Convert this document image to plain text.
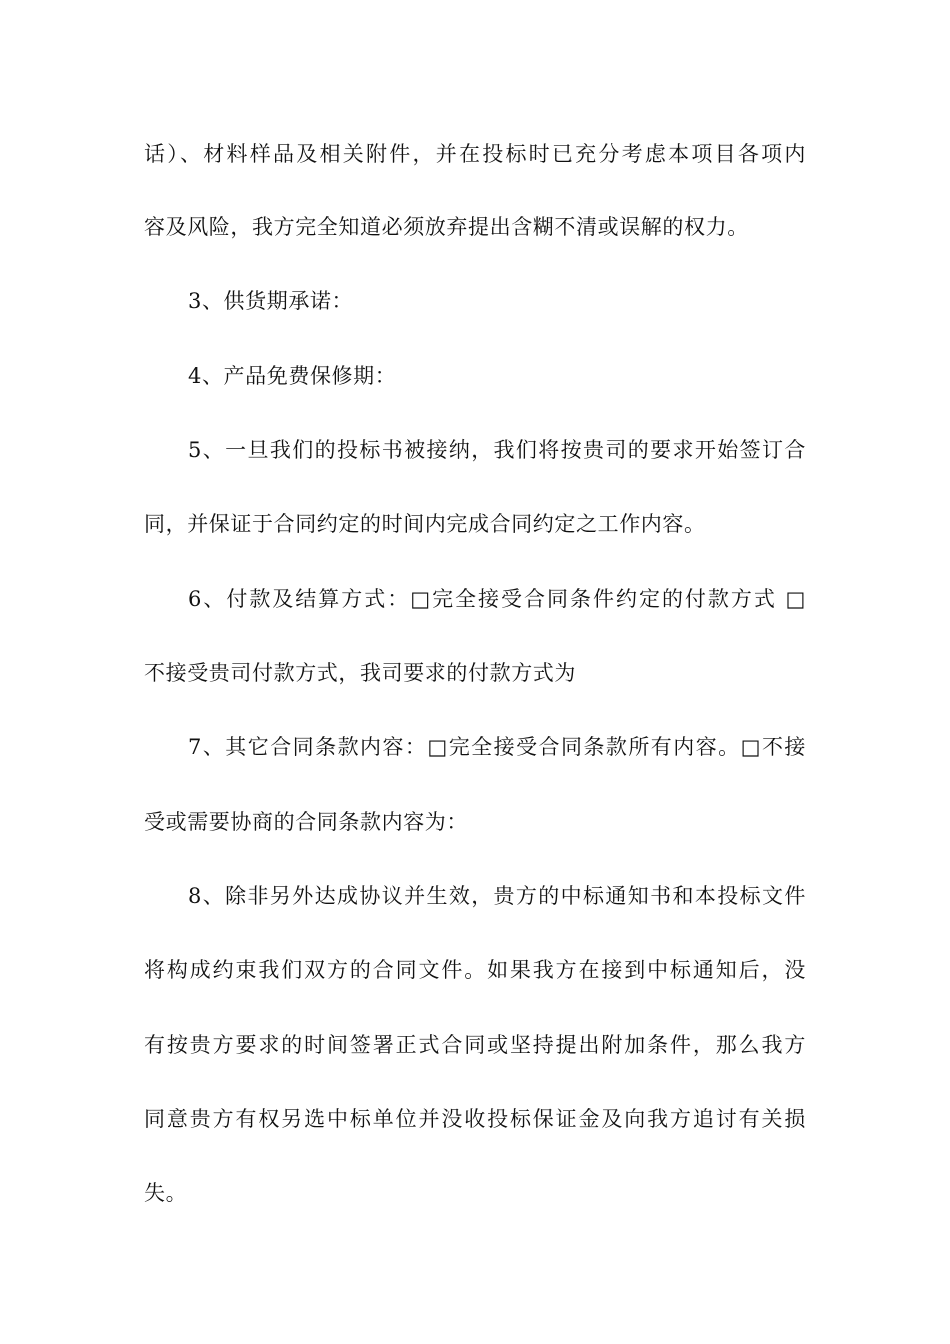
话）、材料样品及相关附件，并在投标时已充分考虑本项目各项内
容及风险，我方完全知道必须放弃提出含糊不清或误解的权力。
3、供货期承诺：
4、产品免费保修期：
5、一旦我们的投标书被接纳，我们将按贵司的要求开始签订合
同，并保证于合同约定的时间内完成合同约定之工作内容。
6、付款及结算方式：□完全接受合同条件约定的付款方式 □
不接受贵司付款方式，我司要求的付款方式为
7、其它合同条款内容：□完全接受合同条款所有内容。□不接
受或需要协商的合同条款内容为：
8、除非另外达成协议并生效，贵方的中标通知书和本投标文件
将构成约束我们双方的合同文件。如果我方在接到中标通知后，没
有按贵方要求的时间签署正式合同或坚持提出附加条件，那么我方
同意贵方有权另选中标单位并没收投标保证金及向我方追讨有关损
失。
